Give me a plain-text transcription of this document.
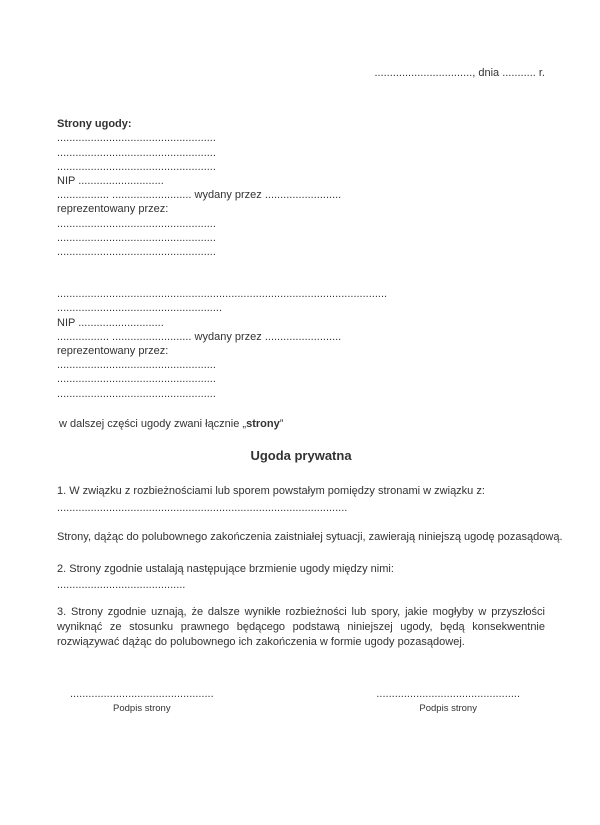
................................, dnia ........... r.
Strony ugody:
....................................................
....................................................
....................................................
NIP ............................
................. .......................... wydany przez .........................
reprezentowany przez:
....................................................
....................................................
....................................................
............................................................................................................
......................................................
NIP ............................
................. .......................... wydany przez .........................
reprezentowany przez:
....................................................
....................................................
....................................................
w dalszej części ugody zwani łącznie „strony”
Ugoda prywatna
1. W związku z rozbieżnościami lub sporem powstałym pomiędzy stronami w związku z:
...............................................................................................
Strony, dążąc do polubownego zakończenia zaistniałej sytuacji, zawierają niniejszą ugodę pozasądową.
2. Strony zgodnie ustalają następujące brzmienie ugody między nimi:
..........................................
3. Strony zgodnie uznają, że dalsze wynikłe rozbieżności lub spory, jakie mogłyby w przyszłości wyniknąć ze stosunku prawnego będącego podstawą niniejszej ugody, będą konsekwentnie rozwiązywać dążąc do polubownego ich zakończenia w formie ugody pozasądowej.
...............................................
Podpis strony
...............................................
Podpis strony
